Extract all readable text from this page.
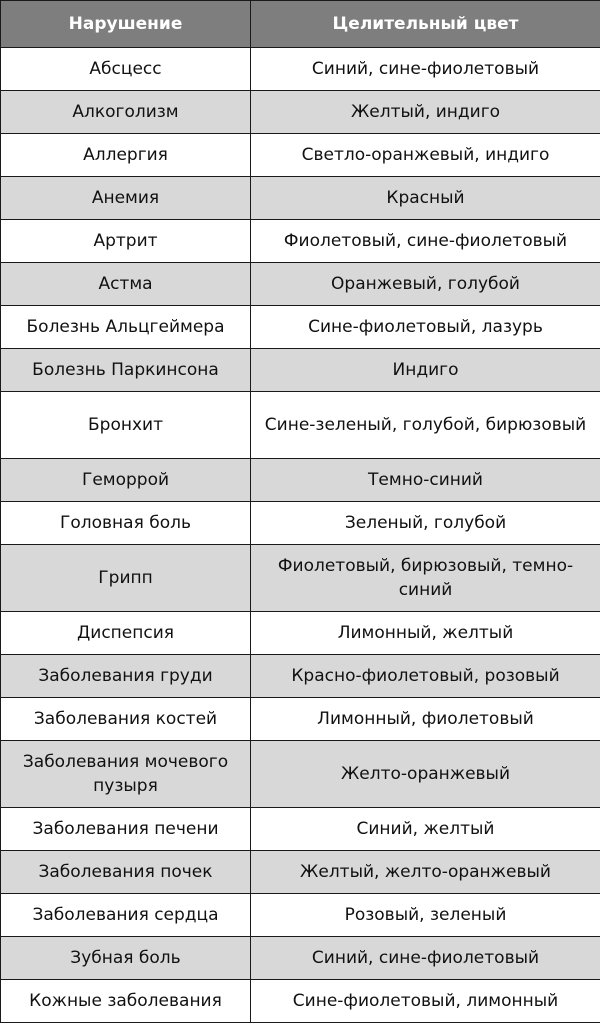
Нарушение	Целительный цвет
Абсцесс	Синий, сине-фиолетовый
Алкоголизм	Желтый, индиго
Аллергия	Светло-оранжевый, индиго
Анемия	Красный
Артрит	Фиолетовый, сине-фиолетовый
Астма	Оранжевый, голубой
Болезнь Альцгеймера	Сине-фиолетовый, лазурь
Болезнь Паркинсона	Индиго
Бронхит	Сине-зеленый, голубой, бирюзовый
Геморрой	Темно-синий
Головная боль	Зеленый, голубой
Грипп	Фиолетовый, бирюзовый, темно-синий
Диспепсия	Лимонный, желтый
Заболевания груди	Красно-фиолетовый, розовый
Заболевания костей	Лимонный, фиолетовый
Заболевания мочевого пузыря	Желто-оранжевый
Заболевания печени	Синий, желтый
Заболевания почек	Желтый, желто-оранжевый
Заболевания сердца	Розовый, зеленый
Зубная боль	Синий, сине-фиолетовый
Кожные заболевания	Сине-фиолетовый, лимонный
